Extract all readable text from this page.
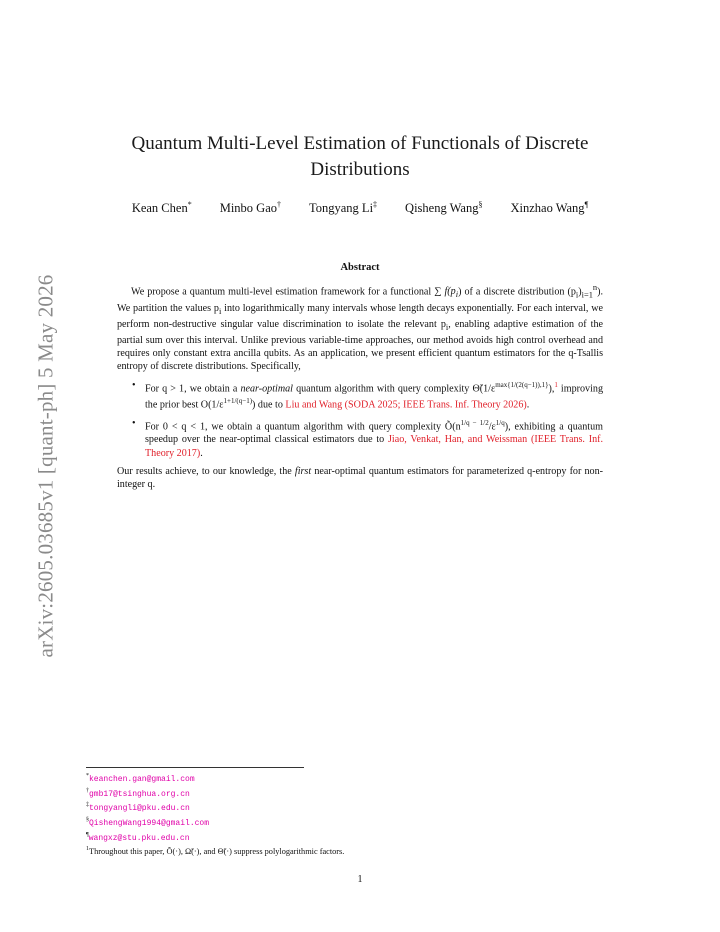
arXiv:2605.03685v1 [quant-ph] 5 May 2026
Quantum Multi-Level Estimation of Functionals of Discrete Distributions
Kean Chen* Minbo Gao† Tongyang Li‡ Qisheng Wang§ Xinzhao Wang¶
Abstract

We propose a quantum multi-level estimation framework for a functional ∑ $f(p_i)$ of a discrete distribution $(p_i)_{i=1}^n$). We partition the values $p_i$ into logarithmically many intervals whose length decays exponentially. For each interval, we perform non-destructive singular value discrimination to isolate the relevant $p_i$, enabling adaptive estimation of the partial sum over this interval. Unlike previous variable-time approaches, our method avoids high control overhead and requires only constant extra ancilla qubits. As an application, we present efficient quantum estimators for the q-Tsallis entropy of discrete distributions. Specifically,

• For q > 1, we obtain a near-optimal quantum algorithm with query complexity $\Thetã(1/\varepsilon^{max\{1/(2(q-1)),1\}}),^1$ improving the prior best $O(1/\varepsilon^{1+1/(q-1)})$ due to Liu and Wang (SODA 2025; IEEE Trans. Inf. Theory 2026).
• For 0 < q < 1, we obtain a quantum algorithm with query complexity $Õ(n^{1/q - 1/2}/\varepsilon^{1/q})$, exhibiting a quantum speedup over the near-optimal classical estimators due to Jiao, Venkat, Han, and Weissman (IEEE Trans. Inf. Theory 2017).

Our results achieve, to our knowledge, the first near-optimal quantum estimators for parameterized q-entropy for non-integer q.

*keanchen.gan@gmail.com
†gmb17@tsinghua.org.cn
‡tongyangli@pku.edu.cn
§QishengWang1994@gmail.com
¶wangxz@stu.pku.edu.cn
$^1$Throughout this paper, Õ(·), Ω̃(·), and Θ̃(·) suppress polylogarithmic factors.
1
